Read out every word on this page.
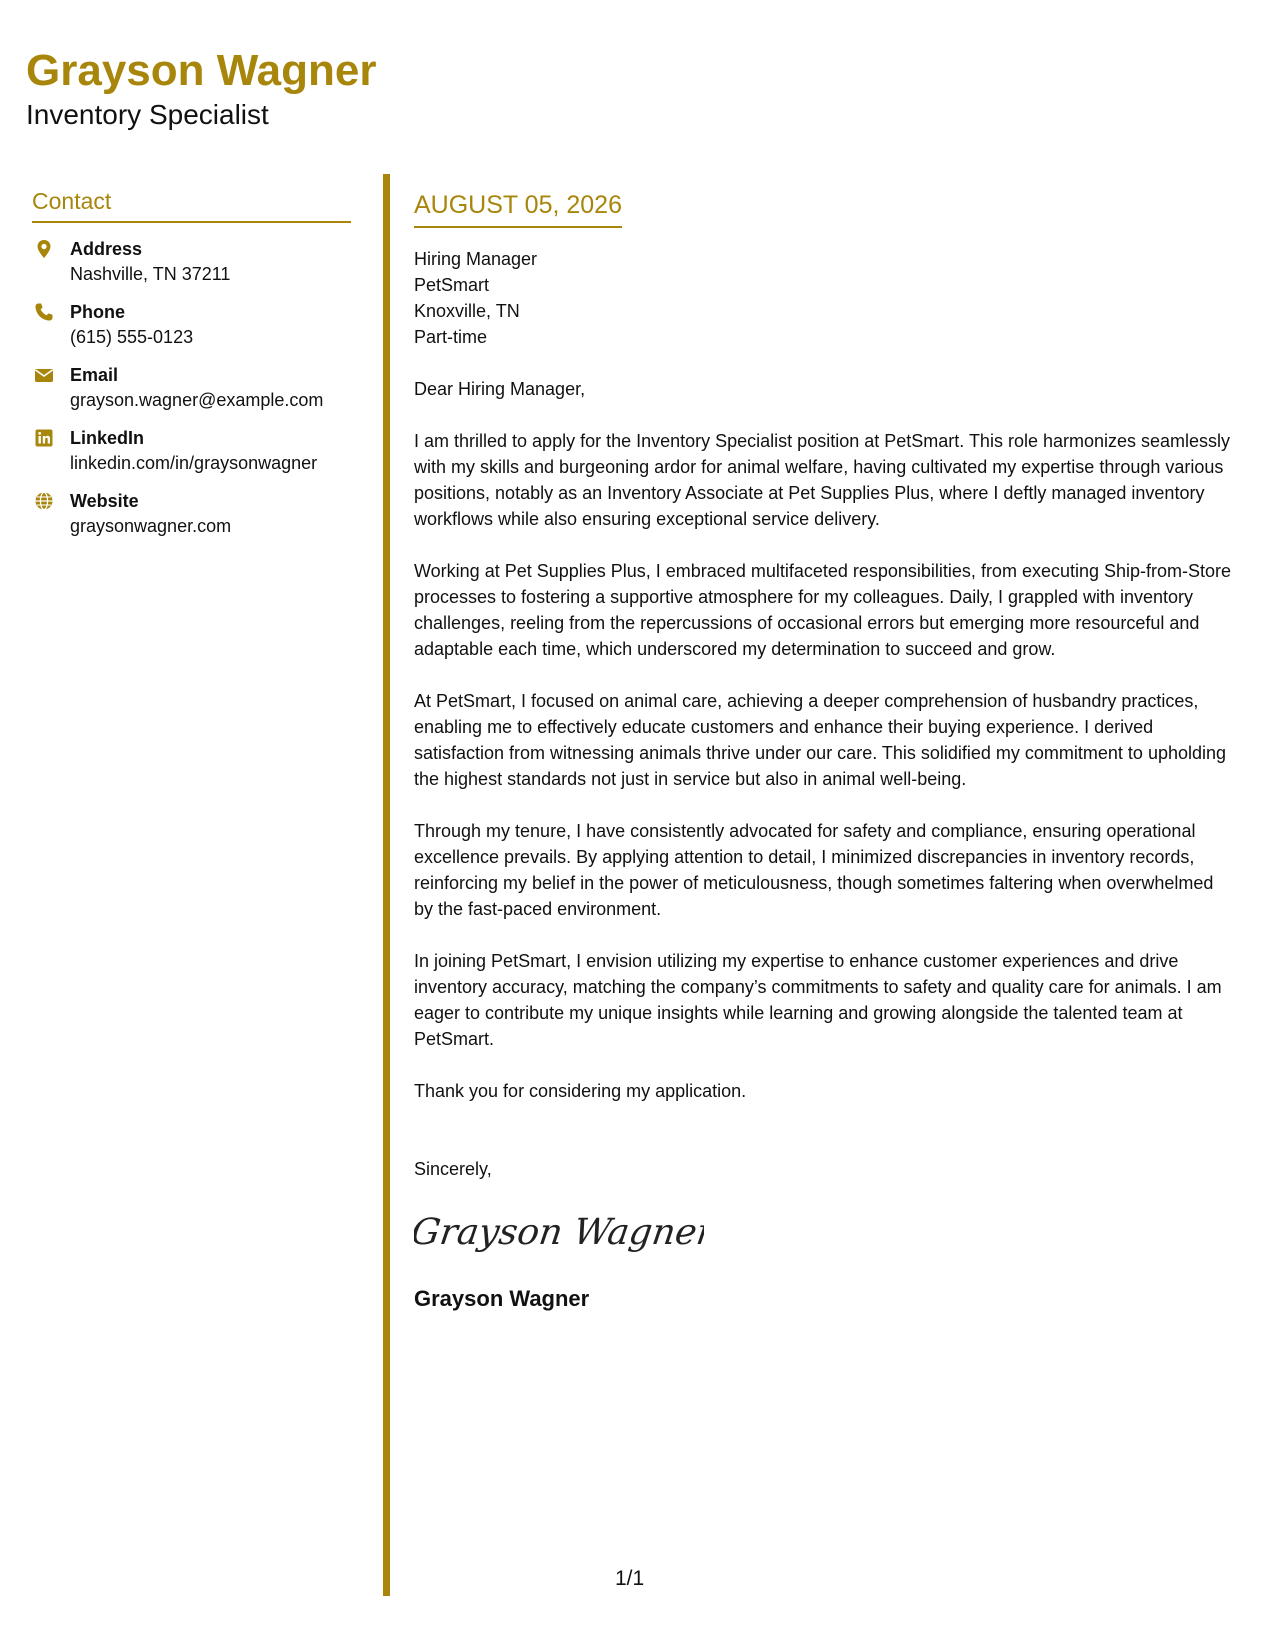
Grayson Wagner
Inventory Specialist
Contact
Address
Nashville, TN 37211
Phone
(615) 555-0123
Email
grayson.wagner@example.com
LinkedIn
linkedin.com/in/graysonwagner
Website
graysonwagner.com
AUGUST 05, 2026
Hiring Manager
PetSmart
Knoxville, TN
Part-time
Dear Hiring Manager,
I am thrilled to apply for the Inventory Specialist position at PetSmart. This role harmonizes seamlessly with my skills and burgeoning ardor for animal welfare, having cultivated my expertise through various positions, notably as an Inventory Associate at Pet Supplies Plus, where I deftly managed inventory workflows while also ensuring exceptional service delivery.
Working at Pet Supplies Plus, I embraced multifaceted responsibilities, from executing Ship-from-Store processes to fostering a supportive atmosphere for my colleagues. Daily, I grappled with inventory challenges, reeling from the repercussions of occasional errors but emerging more resourceful and adaptable each time, which underscored my determination to succeed and grow.
At PetSmart, I focused on animal care, achieving a deeper comprehension of husbandry practices, enabling me to effectively educate customers and enhance their buying experience. I derived satisfaction from witnessing animals thrive under our care. This solidified my commitment to upholding the highest standards not just in service but also in animal well-being.
Through my tenure, I have consistently advocated for safety and compliance, ensuring operational excellence prevails. By applying attention to detail, I minimized discrepancies in inventory records, reinforcing my belief in the power of meticulousness, though sometimes faltering when overwhelmed by the fast-paced environment.
In joining PetSmart, I envision utilizing my expertise to enhance customer experiences and drive inventory accuracy, matching the company’s commitments to safety and quality care for animals. I am eager to contribute my unique insights while learning and growing alongside the talented team at PetSmart.
Thank you for considering my application.
Sincerely,
Grayson Wagner
Grayson Wagner
1/1
